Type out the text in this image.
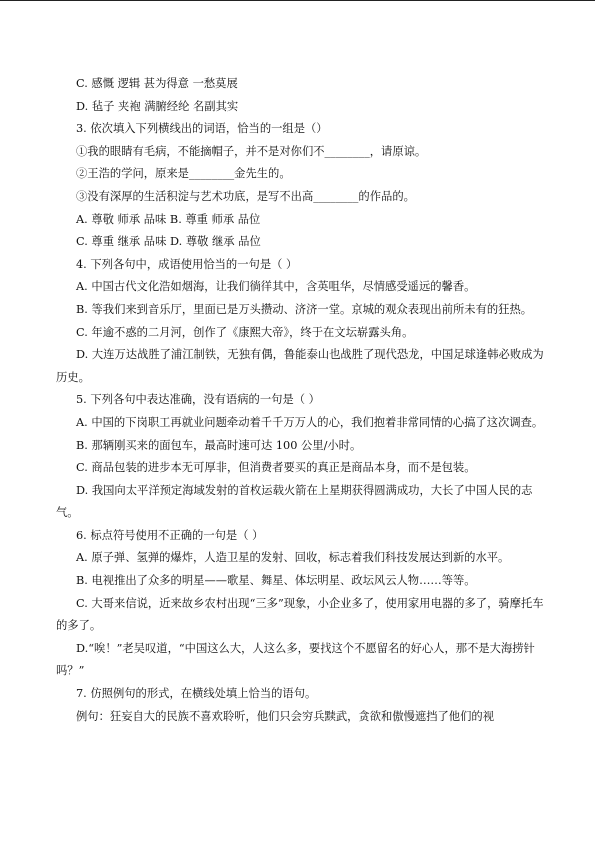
C. 感慨 逻辑 甚为得意 一愁莫展
D. 毡子 夹袍 满腑经纶 名副其实
3. 依次填入下列横线出的词语，恰当的一组是（）
①我的眼睛有毛病，不能摘帽子，并不是对你们不________，请原谅。
②王浩的学问，原来是________金先生的。
③没有深厚的生活积淀与艺术功底，是写不出高________的作品的。
A. 尊敬 师承 品味 B. 尊重 师承 品位
C. 尊重 继承 品味 D. 尊敬 继承 品位
4. 下列各句中，成语使用恰当的一句是（ ）
A. 中国古代文化浩如烟海，让我们徜徉其中，含英咀华，尽情感受遥远的馨香。
B. 等我们来到音乐厅，里面已是万头攒动、济济一堂。京城的观众表现出前所未有的狂热。
C. 年逾不惑的二月河，创作了《康熙大帝》，终于在文坛崭露头角。
D. 大连万达战胜了浦江制铁，无独有偶，鲁能泰山也战胜了现代恐龙，中国足球逢韩必败成为历史。
5. 下列各句中表达准确，没有语病的一句是（ ）
A. 中国的下岗职工再就业问题牵动着千千万万人的心，我们抱着非常同情的心搞了这次调查。
B. 那辆刚买来的面包车，最高时速可达 100 公里/小时。
C. 商品包装的进步本无可厚非，但消费者要买的真正是商品本身，而不是包装。
D. 我国向太平洋预定海域发射的首枚运载火箭在上星期获得圆满成功，大长了中国人民的志气。
6. 标点符号使用不正确的一句是（ ）
A. 原子弹、氢弹的爆炸，人造卫星的发射、回收，标志着我们科技发展达到新的水平。
B. 电视推出了众多的明星——歌星、舞星、体坛明星、政坛风云人物……等等。
C. 大哥来信说，近来故乡农村出现“三多”现象，小企业多了，使用家用电器的多了，骑摩托车的多了。
D.“唉！”老吴叹道，“中国这么大，人这么多，要找这个不愿留名的好心人，那不是大海捞针吗？”
7. 仿照例句的形式，在横线处填上恰当的语句。
例句：狂妄自大的民族不喜欢聆听，他们只会穷兵黩武，贪欲和傲慢遮挡了他们的视
